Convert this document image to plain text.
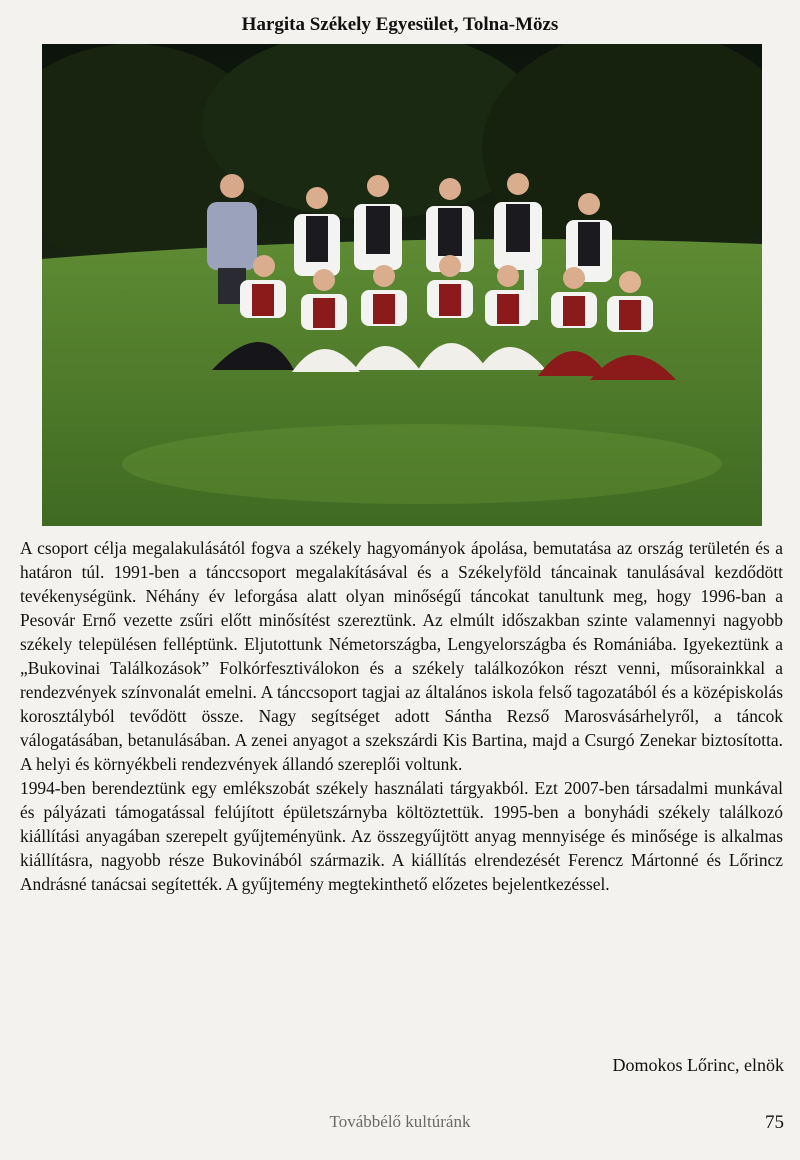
Hargita Székely Egyesület, Tolna-Mözs

A csoport célja megalakulásától fogva a székely hagyományok ápolása, bemutatása az ország területén és a határon túl. 1991-ben a tánccsoport megalakításával és a Székelyföld táncainak tanulásával kezdődött tevékenységünk. Néhány év leforgása alatt olyan minőségű táncokat tanultunk meg, hogy 1996-ban a Pesovár Ernő vezette zsűri előtt minősítést szereztünk. Az elmúlt időszakban szinte valamennyi nagyobb székely településen felléptünk. Eljutottunk Németországba, Lengyelországba és Romániába. Igyekeztünk a „Bukovinai Találkozások” Folkórfesztiválokon és a székely találkozókon részt venni, műsorainkkal a rendezvények színvonalát emelni. A tánccsoport tagjai az általános iskola felső tagozatából és a középiskolás korosztályból tevődött össze. Nagy segítséget adott Sántha Rezső Marosvásárhelyről, a táncok válogatásában, betanulásában. A zenei anyagot a szekszárdi Kis Bartina, majd a Csurgó Zenekar biztosította. A helyi és környékbeli rendezvények állandó szereplői voltunk.

1994-ben berendeztünk egy emlékszobát székely használati tárgyakból. Ezt 2007-ben társadalmi munkával és pályázati támogatással felújított épületszárnyba költöztettük. 1995-ben a bonyhádi székely találkozó kiállítási anyagában szerepelt gyűjteményünk. Az összegyűjtött anyag mennyisége és minősége is alkalmas kiállításra, nagyobb része Bukovinából származik. A kiállítás elrendezését Ferencz Mártonné és Lőrincz Andrásné tanácsai segítették. A gyűjtemény megtekinthető előzetes bejelentkezéssel.

Domokos Lőrinc, elnök
Továbbélő kultúránk	75
